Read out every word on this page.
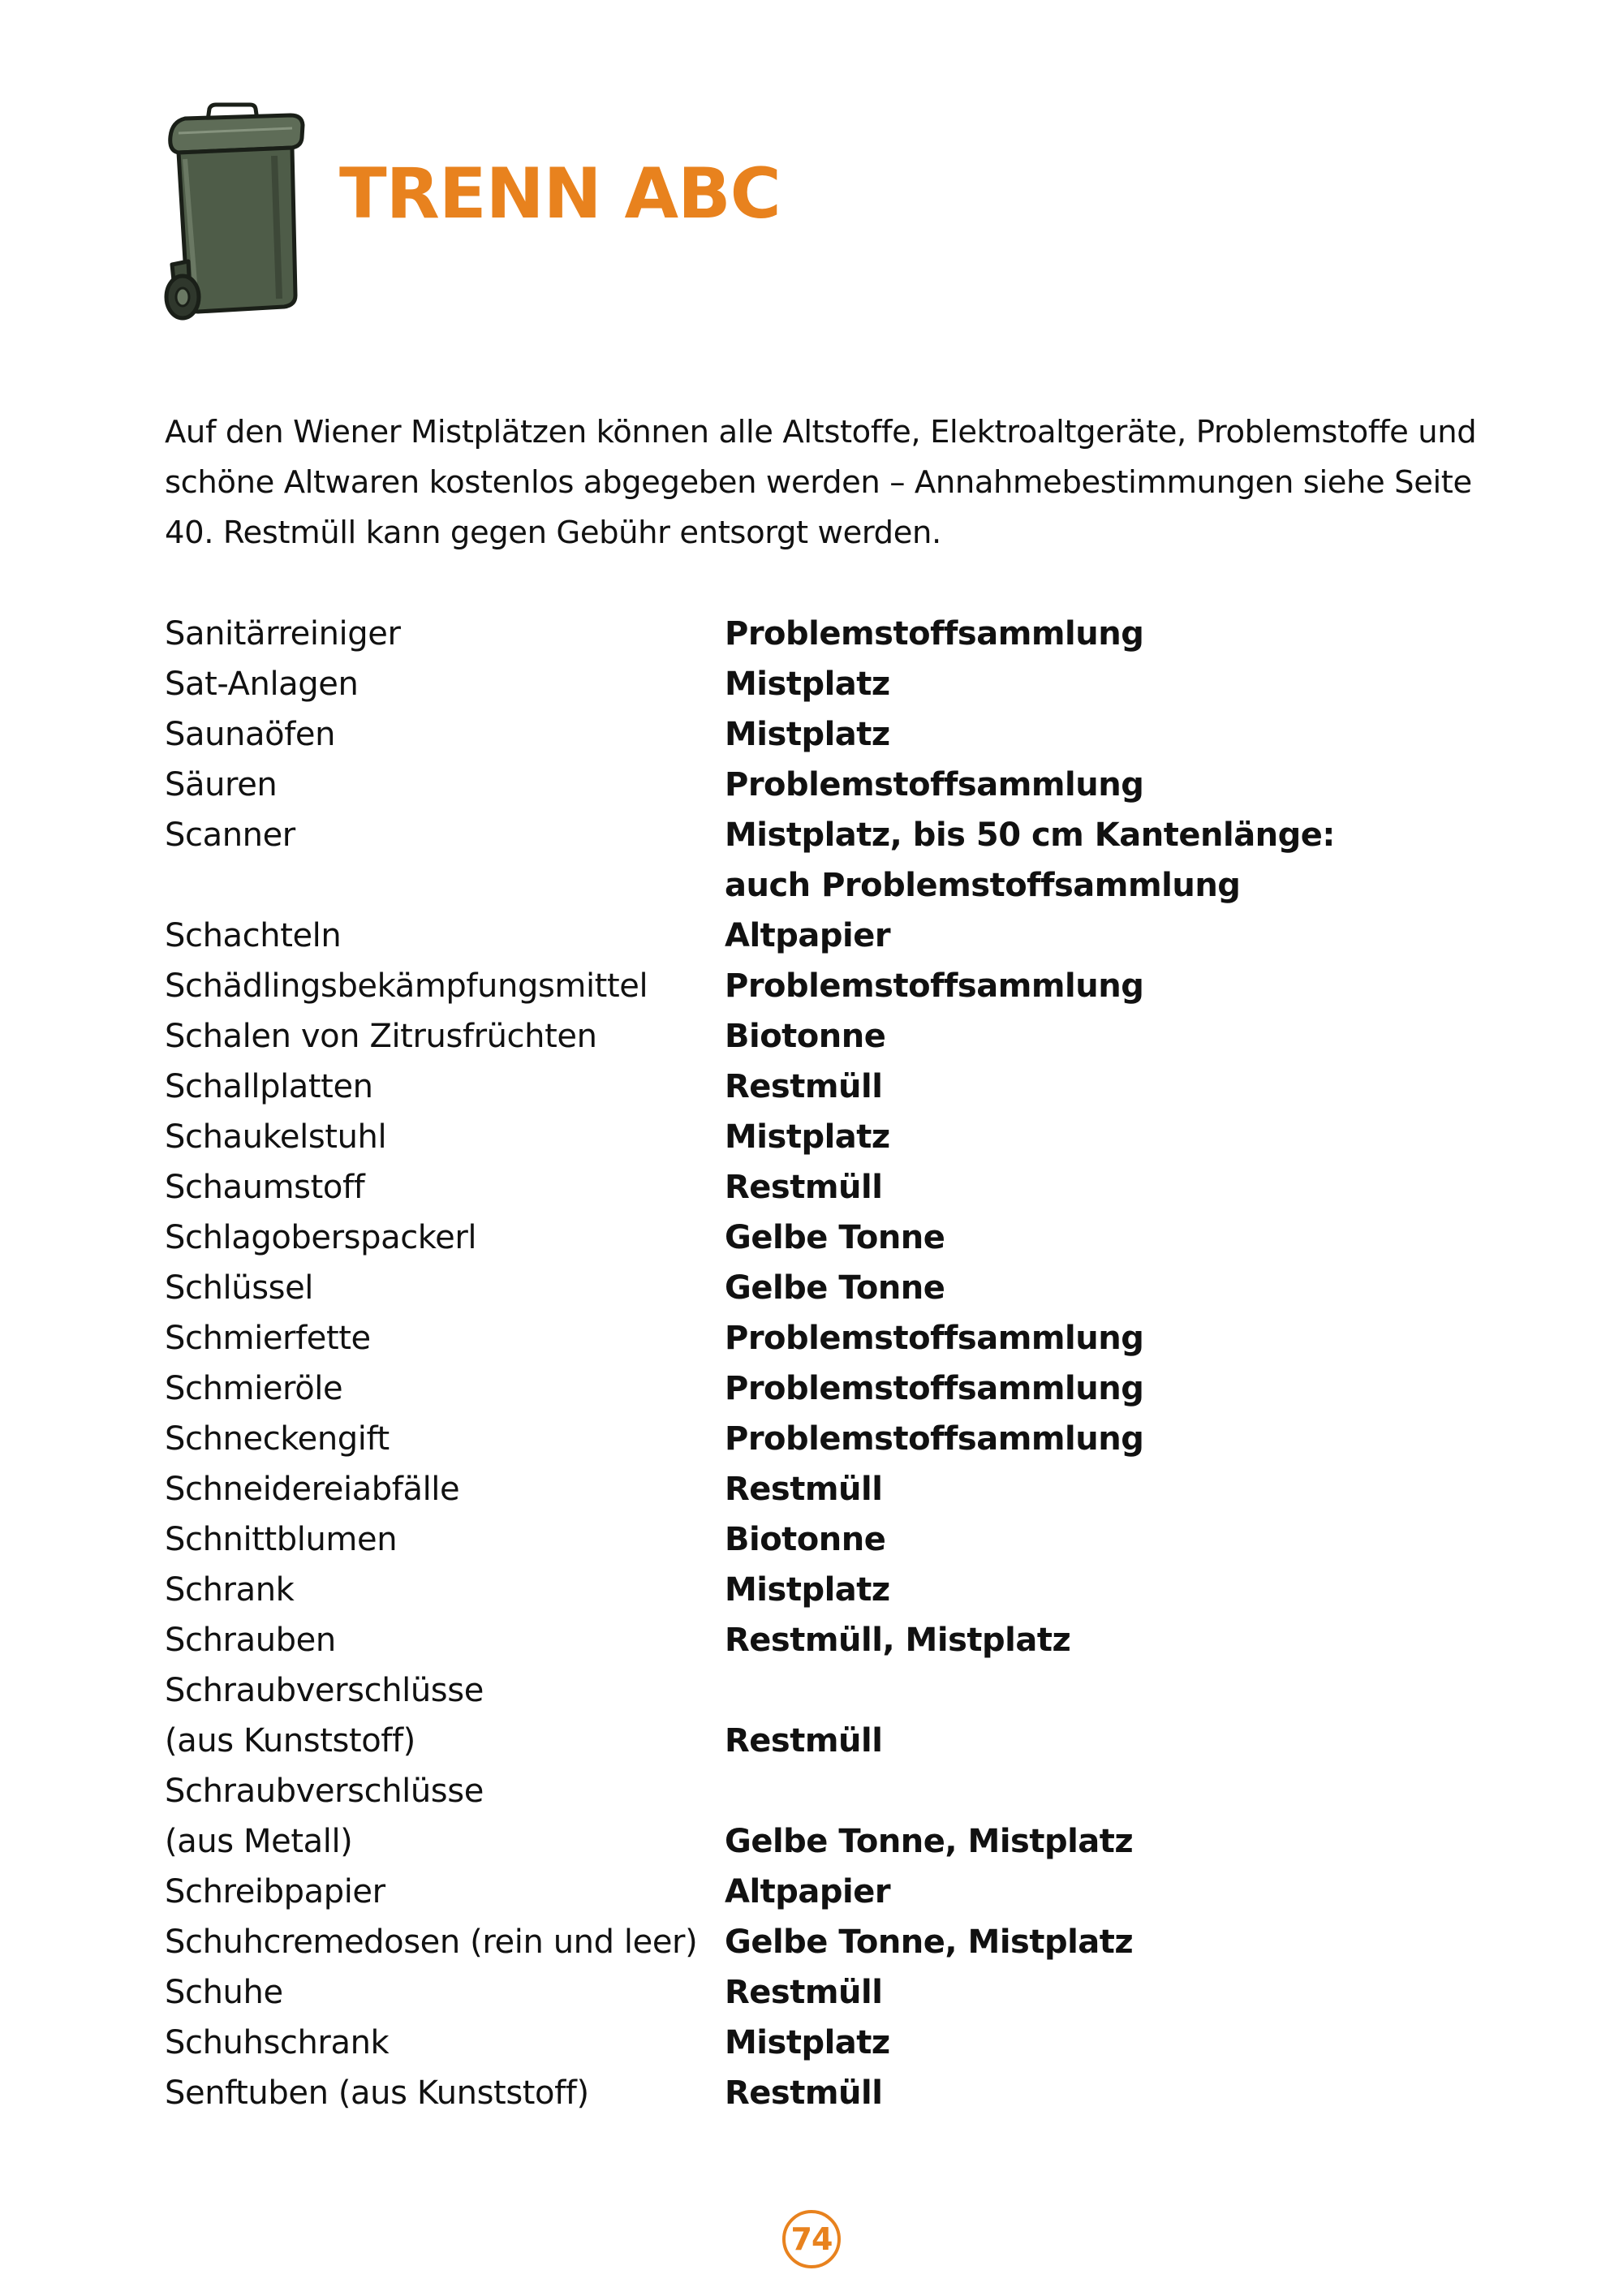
TRENN ABC

Auf den Wiener Mistplätzen können alle Altstoffe, Elektroaltgeräte, Problemstoffe und schöne Altwaren kostenlos abgegeben werden – Annahmebestimmungen siehe Seite 40. Restmüll kann gegen Gebühr entsorgt werden.

Sanitärreiniger	Problemstoffsammlung

Sat-Anlagen	Mistplatz

Saunaöfen	Mistplatz

Säuren	Problemstoffsammlung

Scanner	Mistplatz, bis 50 cm Kantenlänge:
auch Problemstoffsammlung

Schachteln	Altpapier

Schädlingsbekämpfungsmittel	Problemstoffsammlung

Schalen von Zitrusfrüchten	Biotonne

Schallplatten	Restmüll

Schaukelstuhl	Mistplatz

Schaumstoff	Restmüll

Schlagoberspackerl	Gelbe Tonne

Schlüssel	Gelbe Tonne

Schmierfette	Problemstoffsammlung

Schmieröle	Problemstoffsammlung

Schneckengift	Problemstoffsammlung

Schneidereiabfälle	Restmüll

Schnittblumen	Biotonne

Schrank	Mistplatz

Schrauben	Restmüll, Mistplatz

Schraubverschlüsse
(aus Kunststoff)	Restmüll

Schraubverschlüsse
(aus Metall)	Gelbe Tonne, Mistplatz

Schreibpapier	Altpapier

Schuhcremedosen (rein und leer)	Gelbe Tonne, Mistplatz

Schuhe	Restmüll

Schuhschrank	Mistplatz

Senftuben (aus Kunststoff)	Restmüll
74
